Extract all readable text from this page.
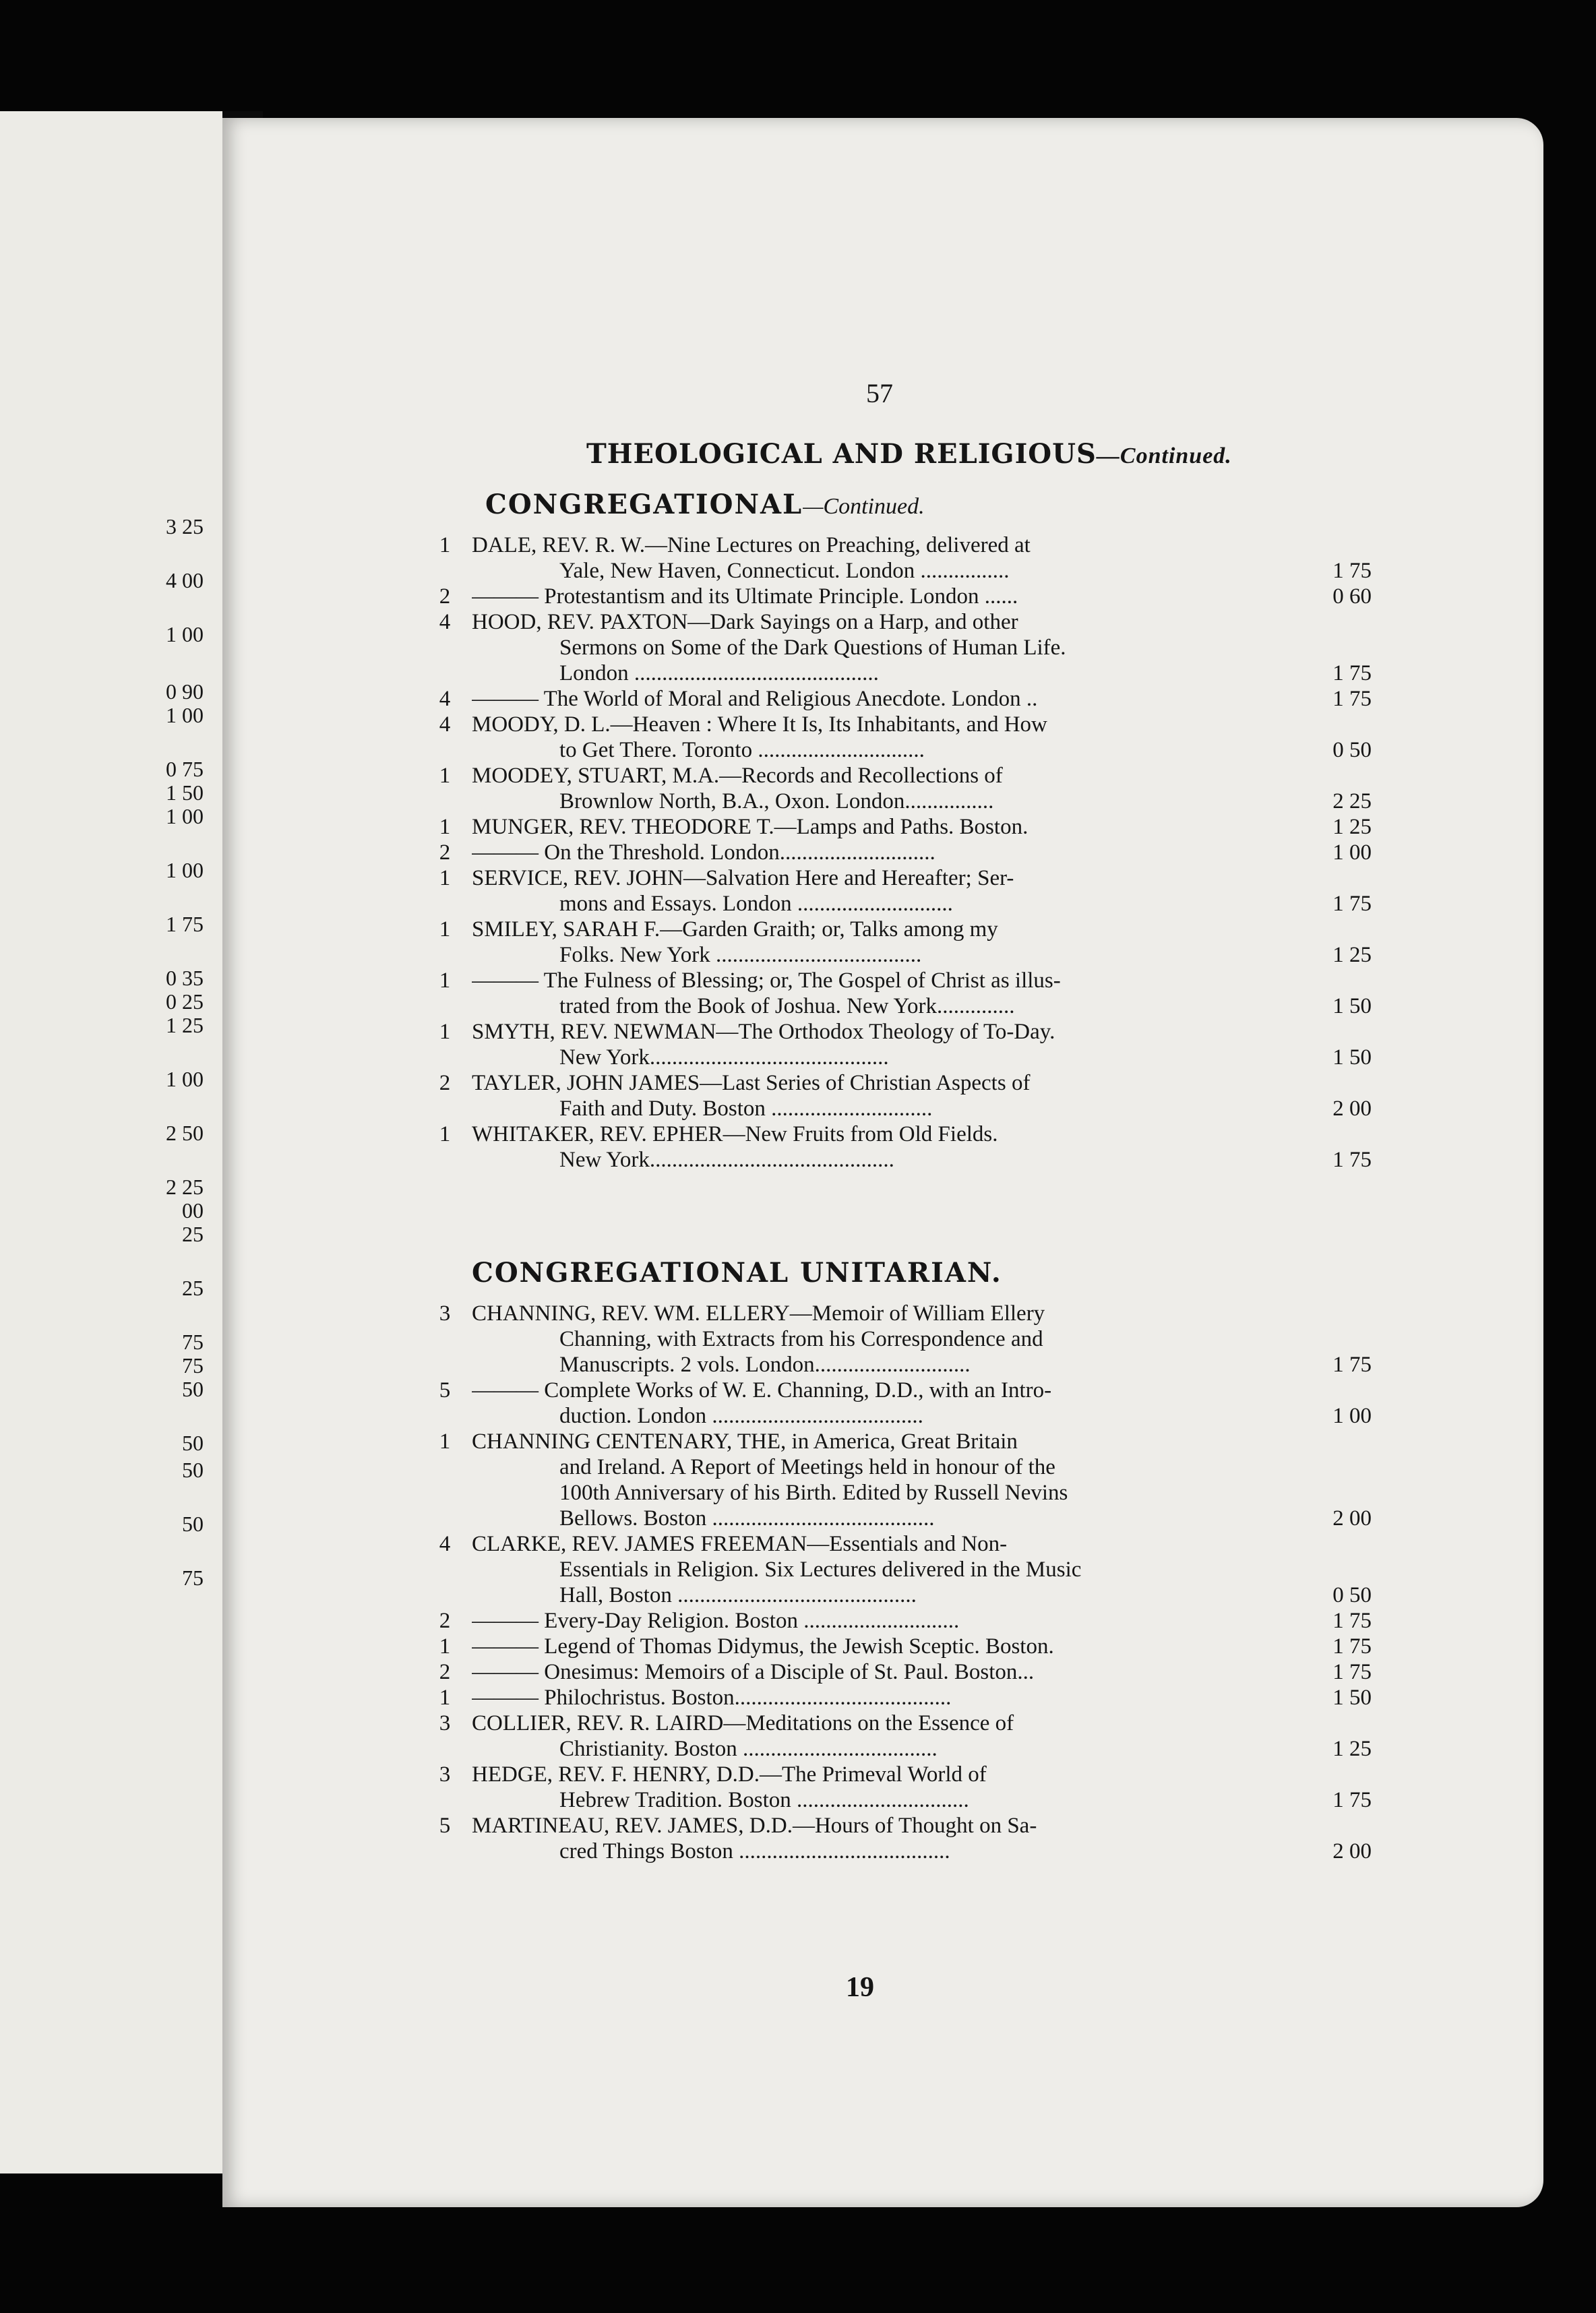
3 25
4 00
1 00
0 90
1 00
0 75
1 50
1 00
1 00
1 75
0 35
0 25
1 25
1 00
2 50
2 25
00
25
25
75
75
50
50
50
50
75
57
THEOLOGICAL AND RELIGIOUS—Continued.
CONGREGATIONAL—Continued.
1 DALE, REV. R. W.—Nine Lectures on Preaching, delivered at
Yale, New Haven, Connecticut. London ................	1 75
2 ——— Protestantism and its Ultimate Principle. London ......	0 60
4 HOOD, REV. PAXTON—Dark Sayings on a Harp, and other
Sermons on Some of the Dark Questions of Human Life.
London ............................................	1 75
4 ——— The World of Moral and Religious Anecdote. London ..	1 75
4 MOODY, D. L.—Heaven : Where It Is, Its Inhabitants, and How
to Get There. Toronto ..............................	0 50
1 MOODEY, STUART, M.A.—Records and Recollections of
Brownlow North, B.A., Oxon. London................	2 25
1 MUNGER, REV. THEODORE T.—Lamps and Paths. Boston.	1 25
2 ——— On the Threshold. London............................	1 00
1 SERVICE, REV. JOHN—Salvation Here and Hereafter; Ser-
mons and Essays. London ............................	1 75
1 SMILEY, SARAH F.—Garden Graith; or, Talks among my
Folks. New York .....................................	1 25
1 ——— The Fulness of Blessing; or, The Gospel of Christ as illus-
trated from the Book of Joshua. New York..............	1 50
1 SMYTH, REV. NEWMAN—The Orthodox Theology of To-Day.
New York...........................................	1 50
2 TAYLER, JOHN JAMES—Last Series of Christian Aspects of
Faith and Duty. Boston .............................	2 00
1 WHITAKER, REV. EPHER—New Fruits from Old Fields.
New York............................................	1 75
CONGREGATIONAL UNITARIAN.
3 CHANNING, REV. WM. ELLERY—Memoir of William Ellery
Channing, with Extracts from his Correspondence and
Manuscripts. 2 vols. London............................	1 75
5 ——— Complete Works of W. E. Channing, D.D., with an Intro-
duction. London ......................................	1 00
1 CHANNING CENTENARY, THE, in America, Great Britain
and Ireland. A Report of Meetings held in honour of the
100th Anniversary of his Birth. Edited by Russell Nevins
Bellows. Boston ........................................	2 00
4 CLARKE, REV. JAMES FREEMAN—Essentials and Non-
Essentials in Religion. Six Lectures delivered in the Music
Hall, Boston ...........................................	0 50
2 ——— Every-Day Religion. Boston ............................	1 75
1 ——— Legend of Thomas Didymus, the Jewish Sceptic. Boston.	1 75
2 ——— Onesimus: Memoirs of a Disciple of St. Paul. Boston...	1 75
1 ——— Philochristus. Boston.......................................	1 50
3 COLLIER, REV. R. LAIRD—Meditations on the Essence of
Christianity. Boston ...................................	1 25
3 HEDGE, REV. F. HENRY, D.D.—The Primeval World of
Hebrew Tradition. Boston ...............................	1 75
5 MARTINEAU, REV. JAMES, D.D.—Hours of Thought on Sa-
cred Things Boston ......................................	2 00
19
